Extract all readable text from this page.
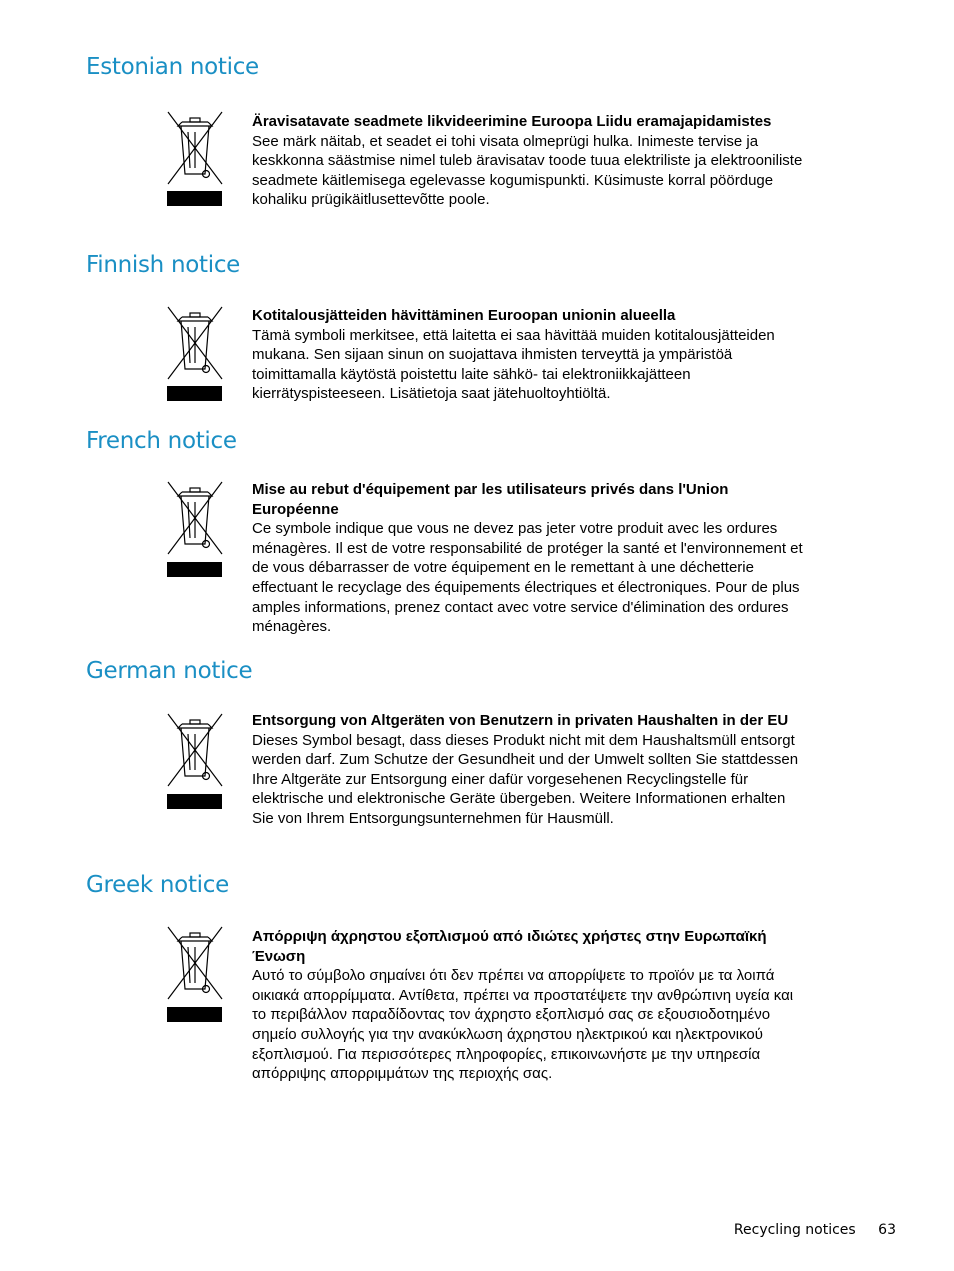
Estonian notice
Äravisatavate seadmete likvideerimine Euroopa Liidu eramajapidamistes
See märk näitab, et seadet ei tohi visata olmeprügi hulka. Inimeste tervise ja keskkonna säästmise nimel tuleb äravisatav toode tuua elektriliste ja elektrooniliste seadmete käitlemisega egelevasse kogumispunkti. Küsimuste korral pöörduge kohaliku prügikäitlusettevõtte poole.
Finnish notice
Kotitalousjätteiden hävittäminen Euroopan unionin alueella
Tämä symboli merkitsee, että laitetta ei saa hävittää muiden kotitalousjätteiden mukana. Sen sijaan sinun on suojattava ihmisten terveyttä ja ympäristöä toimittamalla käytöstä poistettu laite sähkö- tai elektroniikkajätteen kierrätyspisteeseen. Lisätietoja saat jätehuoltoyhtiöltä.
French notice
Mise au rebut d'équipement par les utilisateurs privés dans l'Union Européenne
Ce symbole indique que vous ne devez pas jeter votre produit avec les ordures ménagères. Il est de votre responsabilité de protéger la santé et l'environnement et de vous débarrasser de votre équipement en le remettant à une déchetterie effectuant le recyclage des équipements électriques et électroniques. Pour de plus amples informations, prenez contact avec votre service d'élimination des ordures ménagères.
German notice
Entsorgung von Altgeräten von Benutzern in privaten Haushalten in der EU
Dieses Symbol besagt, dass dieses Produkt nicht mit dem Haushaltsmüll entsorgt werden darf. Zum Schutze der Gesundheit und der Umwelt sollten Sie stattdessen Ihre Altgeräte zur Entsorgung einer dafür vorgesehenen Recyclingstelle für elektrische und elektronische Geräte übergeben. Weitere Informationen erhalten Sie von Ihrem Entsorgungsunternehmen für Hausmüll.
Greek notice
Απόρριψη άχρηστου εξοπλισμού από ιδιώτες χρήστες στην Ευρωπαϊκή Ένωση
Αυτό το σύμβολο σημαίνει ότι δεν πρέπει να απορρίψετε το προϊόν με τα λοιπά οικιακά απορρίμματα. Αντίθετα, πρέπει να προστατέψετε την ανθρώπινη υγεία και το περιβάλλον παραδίδοντας τον άχρηστο εξοπλισμό σας σε εξουσιοδοτημένο σημείο συλλογής για την ανακύκλωση άχρηστου ηλεκτρικού και ηλεκτρονικού εξοπλισμού. Για περισσότερες πληροφορίες, επικοινωνήστε με την υπηρεσία απόρριψης απορριμμάτων της περιοχής σας.
Recycling notices 63
